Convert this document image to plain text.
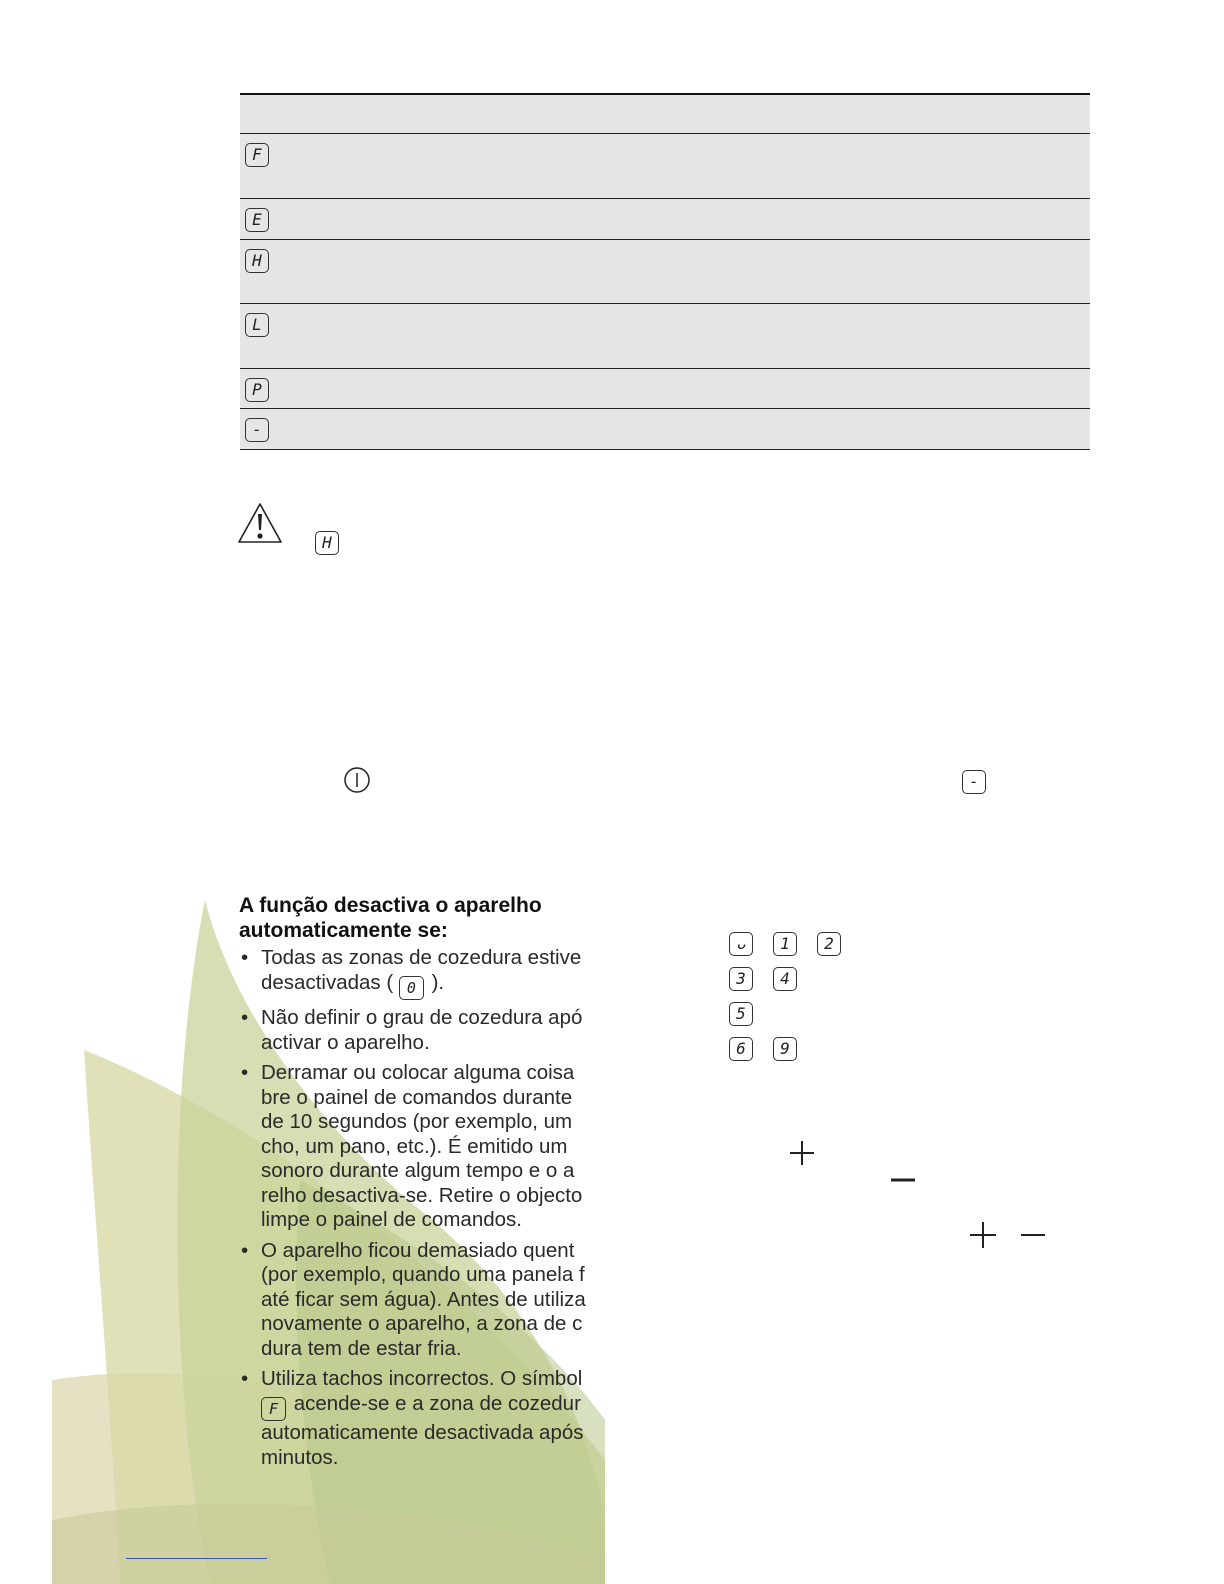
F
E
H
L
P
-
H
-
A função desactiva o aparelho
automaticamente se:
• Todas as zonas de cozedura estive
desactivadas ( 0 ).
• Não definir o grau de cozedura apó
activar o aparelho.
• Derramar ou colocar alguma coisa
bre o painel de comandos durante
de 10 segundos (por exemplo, um
cho, um pano, etc.). É emitido um
sonoro durante algum tempo e o a
relho desactiva-se. Retire o objecto
limpe o painel de comandos.
• O aparelho ficou demasiado quent
(por exemplo, quando uma panela f
até ficar sem água). Antes de utiliza
novamente o aparelho, a zona de c
dura tem de estar fria.
• Utiliza tachos incorrectos. O símbol
F acende-se e a zona de cozedur
automaticamente desactivada após
minutos.
ᴗ	1	2
3	4
5
6	9
